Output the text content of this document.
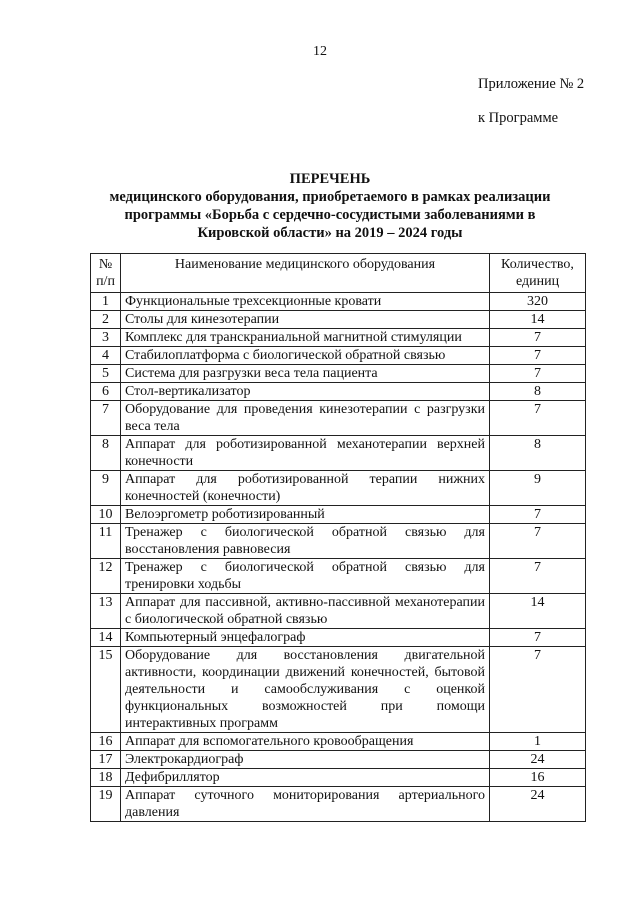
12
Приложение № 2
к Программе
ПЕРЕЧЕНЬ
медицинского оборудования, приобретаемого в рамках реализации
программы «Борьба с сердечно-сосудистыми заболеваниями в
Кировской области» на 2019 – 2024 годы
№
п/п	Наименование медицинского оборудования	Количество,
единиц
1	Функциональные трехсекционные кровати	320
2	Столы для кинезотерапии	14
3	Комплекс для транскраниальной магнитной стимуляции	7
4	Стабилоплатформа с биологической обратной связью	7
5	Система для разгрузки веса тела пациента	7
6	Стол-вертикализатор	8
7	Оборудование для проведения кинезотерапии с разгрузки веса тела	7
8	Аппарат для роботизированной механотерапии верхней конечности	8
9	Аппарат для роботизированной терапии нижних конечностей (конечности)	9
10	Велоэргометр роботизированный	7
11	Тренажер с биологической обратной связью для восстановления равновесия	7
12	Тренажер с биологической обратной связью для тренировки ходьбы	7
13	Аппарат для пассивной, активно-пассивной механотерапии с биологической обратной связью	14
14	Компьютерный энцефалограф	7
15	Оборудование для восстановления двигательной активности, координации движений конечностей, бытовой деятельности и самообслуживания с оценкой функциональных возможностей при помощи интерактивных программ	7
16	Аппарат для вспомогательного кровообращения	1
17	Электрокардиограф	24
18	Дефибриллятор	16
19	Аппарат суточного мониторирования артериального давления	24
